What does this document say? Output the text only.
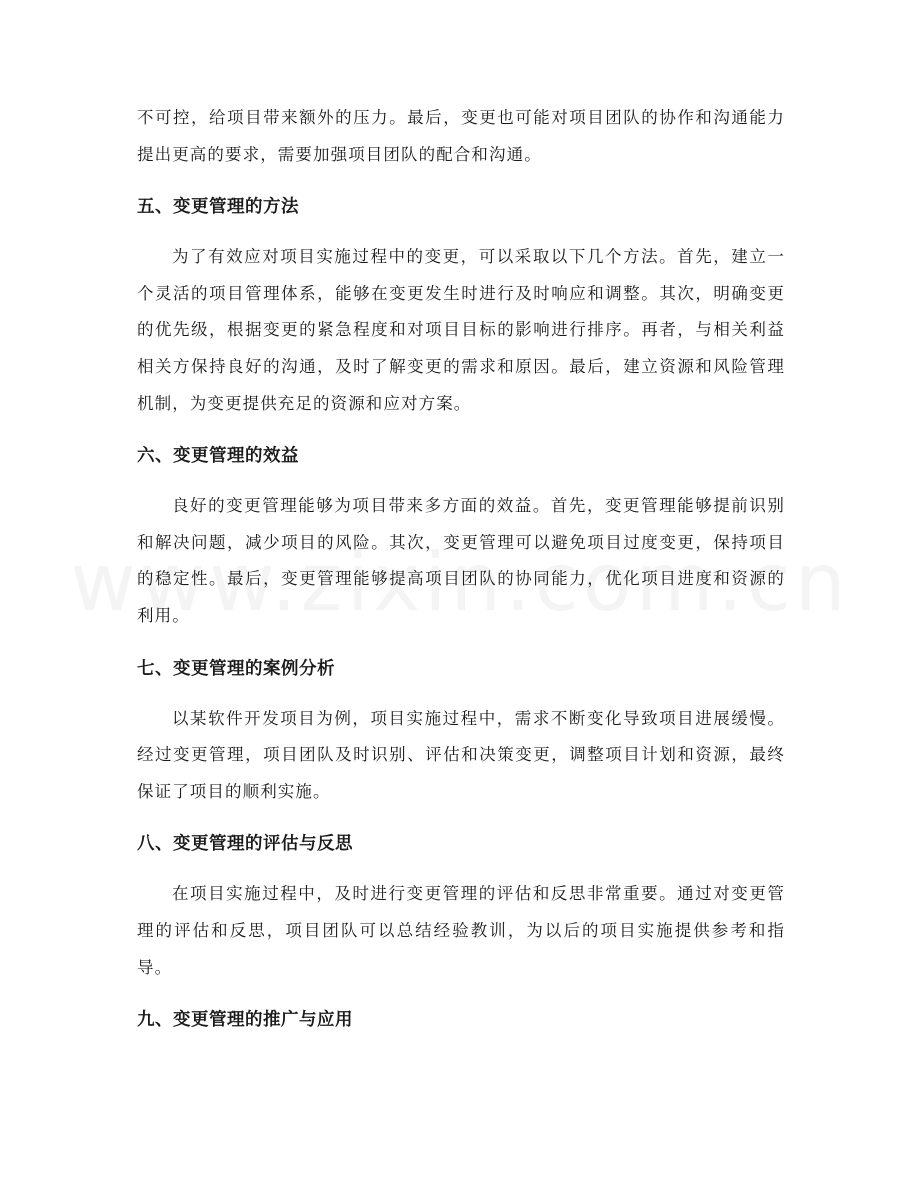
不可控，给项目带来额外的压力。最后，变更也可能对项目团队的协作和沟通能力提出更高的要求，需要加强项目团队的配合和沟通。

五、变更管理的方法

为了有效应对项目实施过程中的变更，可以采取以下几个方法。首先，建立一个灵活的项目管理体系，能够在变更发生时进行及时响应和调整。其次，明确变更的优先级，根据变更的紧急程度和对项目目标的影响进行排序。再者，与相关利益相关方保持良好的沟通，及时了解变更的需求和原因。最后，建立资源和风险管理机制，为变更提供充足的资源和应对方案。

六、变更管理的效益

良好的变更管理能够为项目带来多方面的效益。首先，变更管理能够提前识别和解决问题，减少项目的风险。其次，变更管理可以避免项目过度变更，保持项目的稳定性。最后，变更管理能够提高项目团队的协同能力，优化项目进度和资源的利用。

七、变更管理的案例分析

以某软件开发项目为例，项目实施过程中，需求不断变化导致项目进展缓慢。经过变更管理，项目团队及时识别、评估和决策变更，调整项目计划和资源，最终保证了项目的顺利实施。

八、变更管理的评估与反思

在项目实施过程中，及时进行变更管理的评估和反思非常重要。通过对变更管理的评估和反思，项目团队可以总结经验教训，为以后的项目实施提供参考和指导。

九、变更管理的推广与应用
